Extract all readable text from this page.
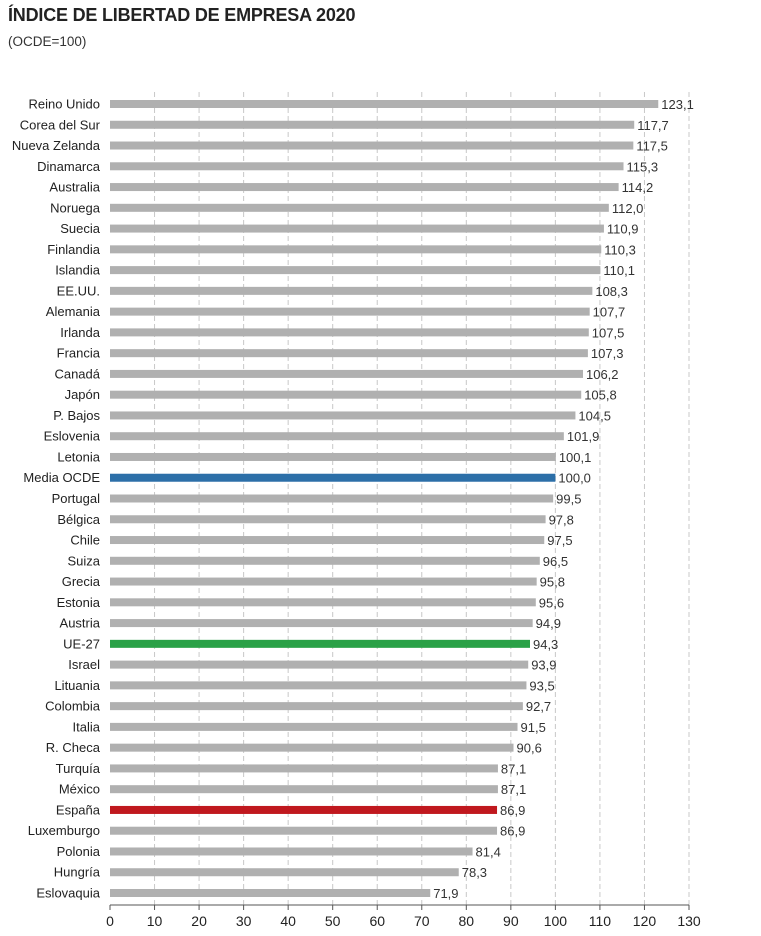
ÍNDICE DE LIBERTAD DE EMPRESA 2020
(OCDE=100)
Reino Unido
Corea del Sur
Nueva Zelanda
Dinamarca
Australia
Noruega
Suecia
Finlandia
Islandia
EE.UU.
Alemania
Irlanda
Francia
Canadá
Japón
P. Bajos
Eslovenia
Letonia
Media OCDE
Portugal
Bélgica
Chile
Suiza
Grecia
Estonia
Austria
UE-27
Israel
Lituania
Colombia
Italia
R. Checa
Turquía
México
España
Luxemburgo
Polonia
Hungría
Eslovaquia
123,1
117,7
117,5
115,3
114,2
112,0
110,9
110,3
110,1
108,3
107,7
107,5
107,3
106,2
105,8
104,5
101,9
100,1
100,0
99,5
97,8
97,5
96,5
95,8
95,6
94,9
94,3
93,9
93,5
92,7
91,5
90,6
87,1
87,1
86,9
86,9
81,4
78,3
71,9
0 10 20 30 40 50 60 70 80 90 100 110 120 130
